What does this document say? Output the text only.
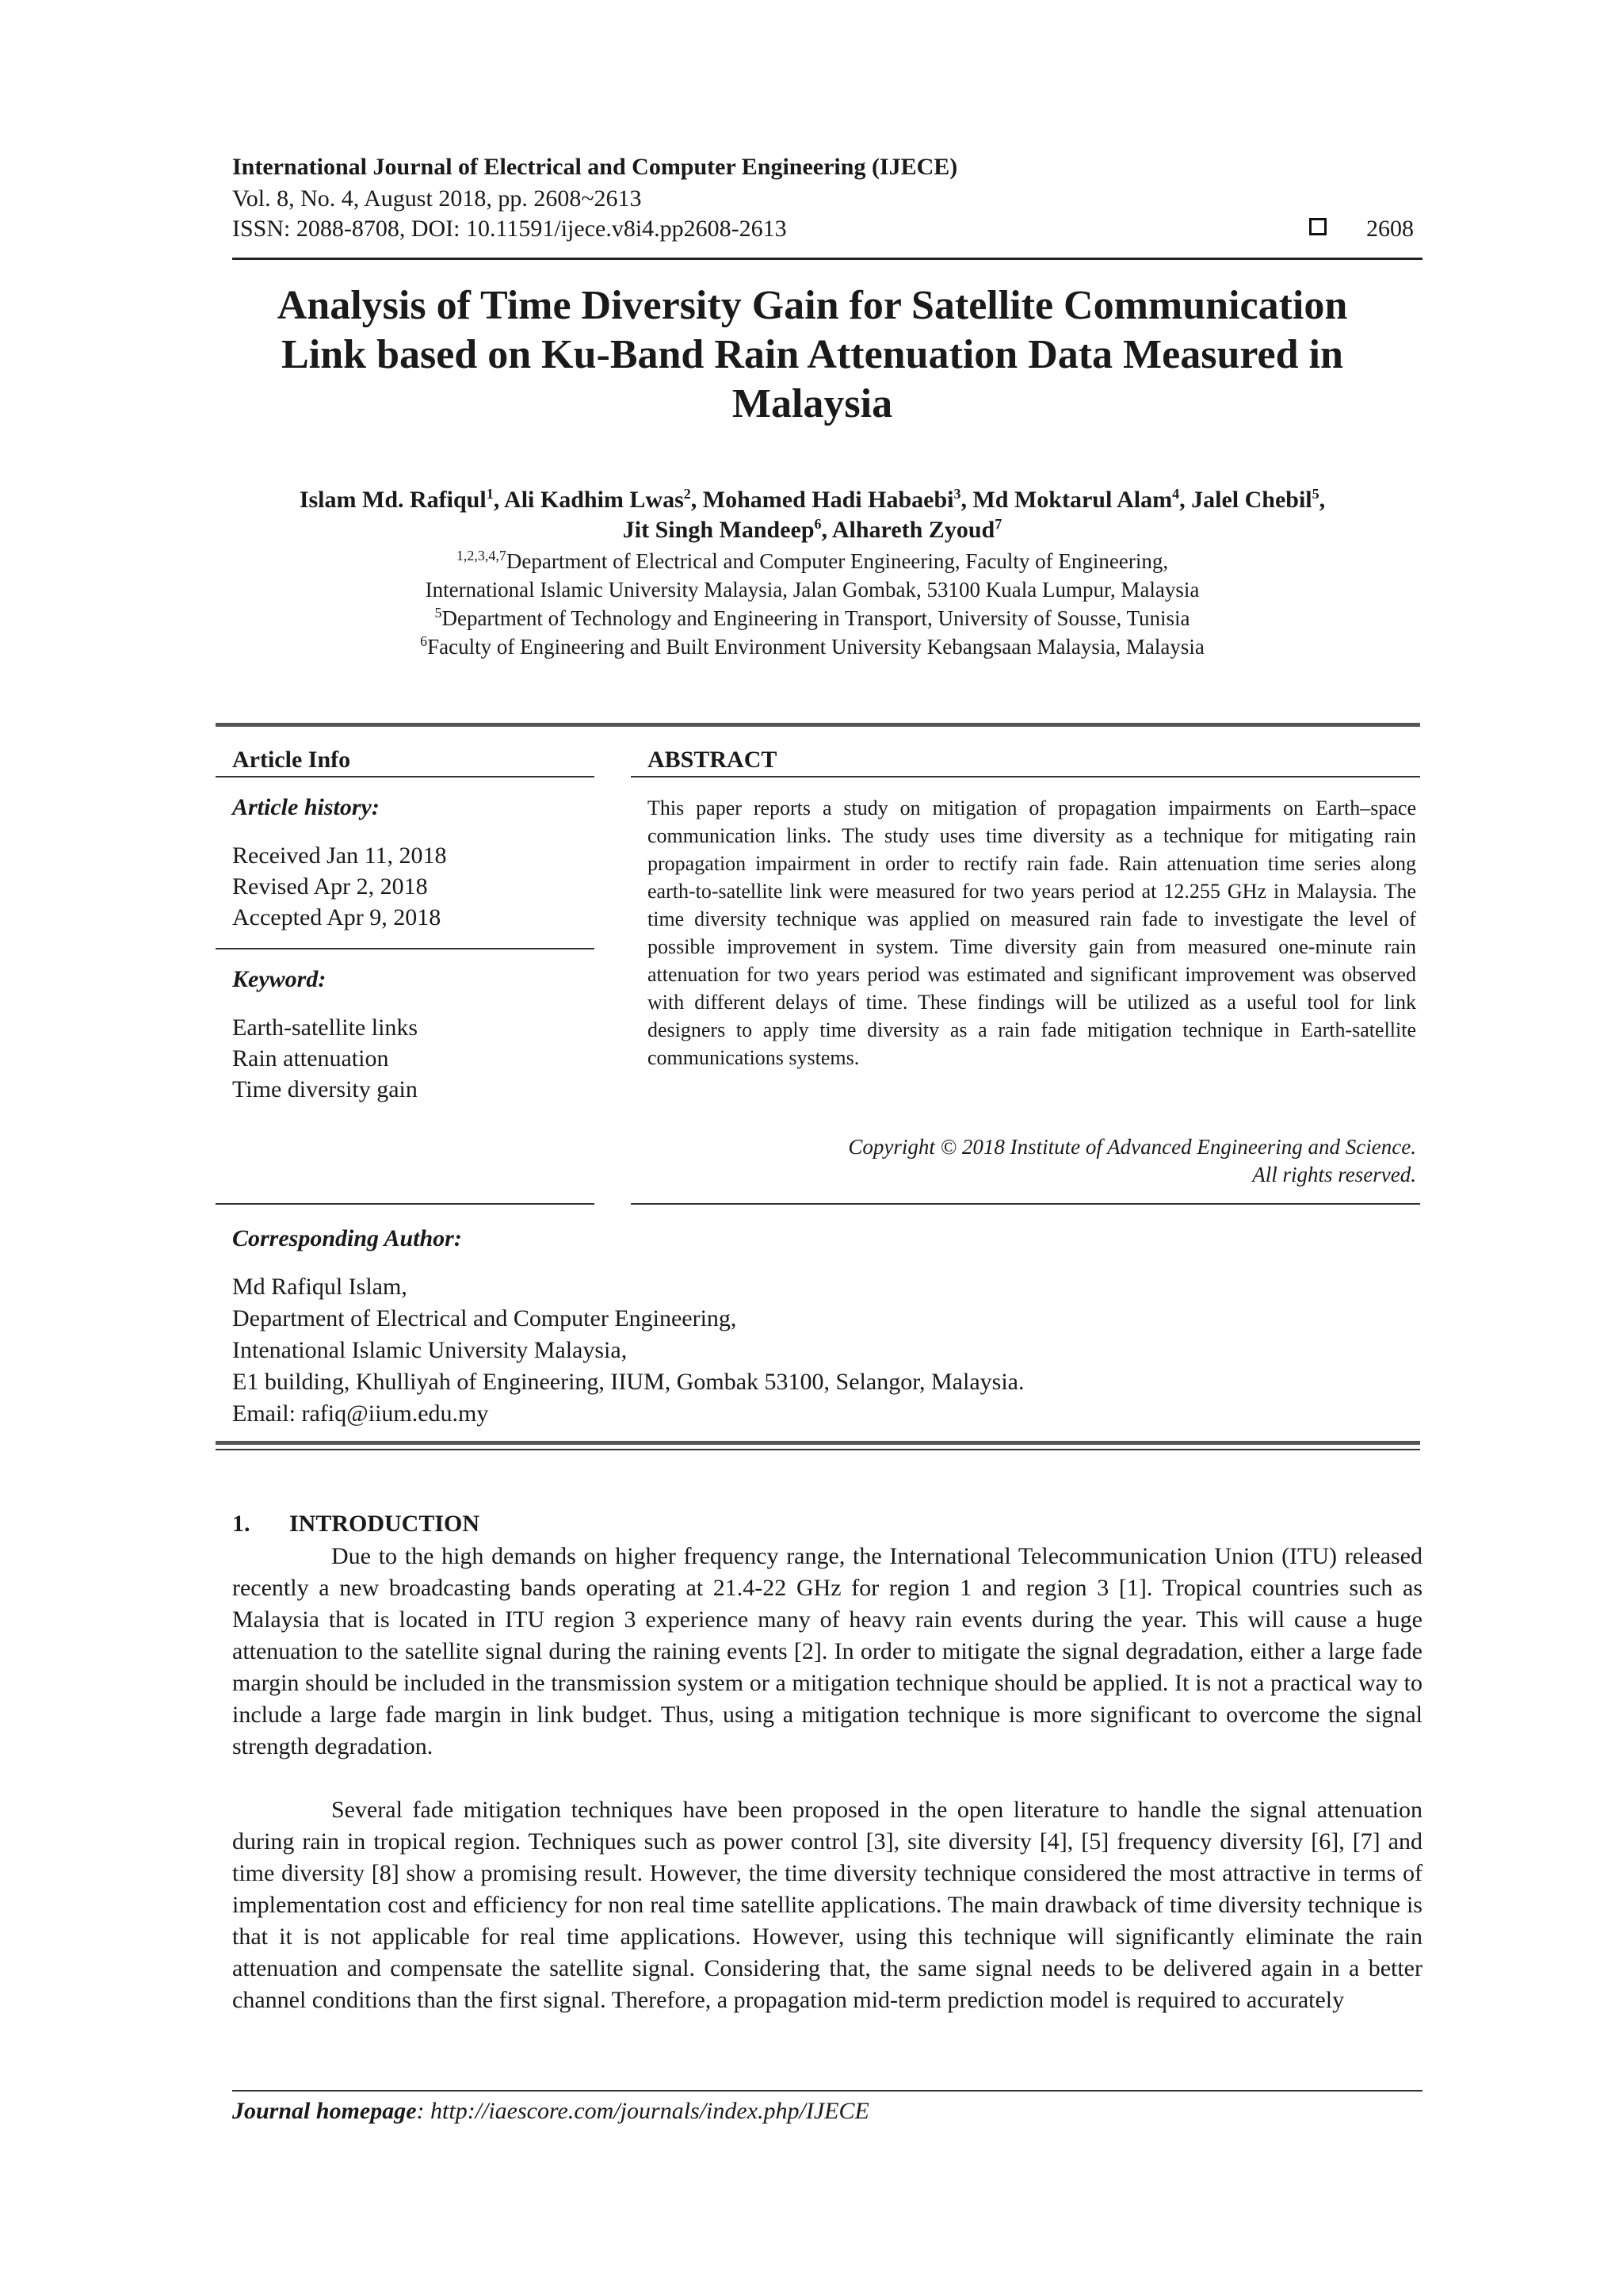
International Journal of Electrical and Computer Engineering (IJECE)
Vol. 8, No. 4, August 2018, pp. 2608~2613
ISSN: 2088-8708, DOI: 10.11591/ijece.v8i4.pp2608-2613	2608
Analysis of Time Diversity Gain for Satellite Communication
Link based on Ku-Band Rain Attenuation Data Measured in
Malaysia
Islam Md. Rafiqul$^1$, Ali Kadhim Lwas$^2$, Mohamed Hadi Habaebi$^3$, Md Moktarul Alam$^4$, Jalel Chebil$^5$,
Jit Singh Mandeep$^6$, Alhareth Zyoud$^7$
$^{1,2,3,4,7}$Department of Electrical and Computer Engineering, Faculty of Engineering,
International Islamic University Malaysia, Jalan Gombak, 53100 Kuala Lumpur, Malaysia
$^5$Department of Technology and Engineering in Transport, University of Sousse, Tunisia
$^6$Faculty of Engineering and Built Environment University Kebangsaan Malaysia, Malaysia
Article Info
Article history:
Received Jan 11, 2018
Revised Apr 2, 2018
Accepted Apr 9, 2018
Keyword:
Earth-satellite links
Rain attenuation
Time diversity gain
ABSTRACT
This paper reports a study on mitigation of propagation impairments on Earth–space communication links. The study uses time diversity as a technique for mitigating rain propagation impairment in order to rectify rain fade. Rain attenuation time series along earth-to-satellite link were measured for two years period at 12.255 GHz in Malaysia. The time diversity technique was applied on measured rain fade to investigate the level of possible improvement in system. Time diversity gain from measured one-minute rain attenuation for two years period was estimated and significant improvement was observed with different delays of time. These findings will be utilized as a useful tool for link designers to apply time diversity as a rain fade mitigation technique in Earth-satellite communications systems.
Copyright © 2018 Institute of Advanced Engineering and Science.
All rights reserved.
Corresponding Author:
Md Rafiqul Islam,
Department of Electrical and Computer Engineering,
Intenational Islamic University Malaysia,
E1 building, Khulliyah of Engineering, IIUM, Gombak 53100, Selangor, Malaysia.
Email: rafiq@iium.edu.my
1. INTRODUCTION
Due to the high demands on higher frequency range, the International Telecommunication Union (ITU) released recently a new broadcasting bands operating at 21.4-22 GHz for region 1 and region 3 [1]. Tropical countries such as Malaysia that is located in ITU region 3 experience many of heavy rain events during the year. This will cause a huge attenuation to the satellite signal during the raining events [2]. In order to mitigate the signal degradation, either a large fade margin should be included in the transmission system or a mitigation technique should be applied. It is not a practical way to include a large fade margin in link budget. Thus, using a mitigation technique is more significant to overcome the signal strength degradation.
Several fade mitigation techniques have been proposed in the open literature to handle the signal attenuation during rain in tropical region. Techniques such as power control [3], site diversity [4], [5] frequency diversity [6], [7] and time diversity [8] show a promising result. However, the time diversity technique considered the most attractive in terms of implementation cost and efficiency for non real time satellite applications. The main drawback of time diversity technique is that it is not applicable for real time applications. However, using this technique will significantly eliminate the rain attenuation and compensate the satellite signal. Considering that, the same signal needs to be delivered again in a better channel conditions than the first signal. Therefore, a propagation mid-term prediction model is required to accurately
Journal homepage: http://iaescore.com/journals/index.php/IJECE
